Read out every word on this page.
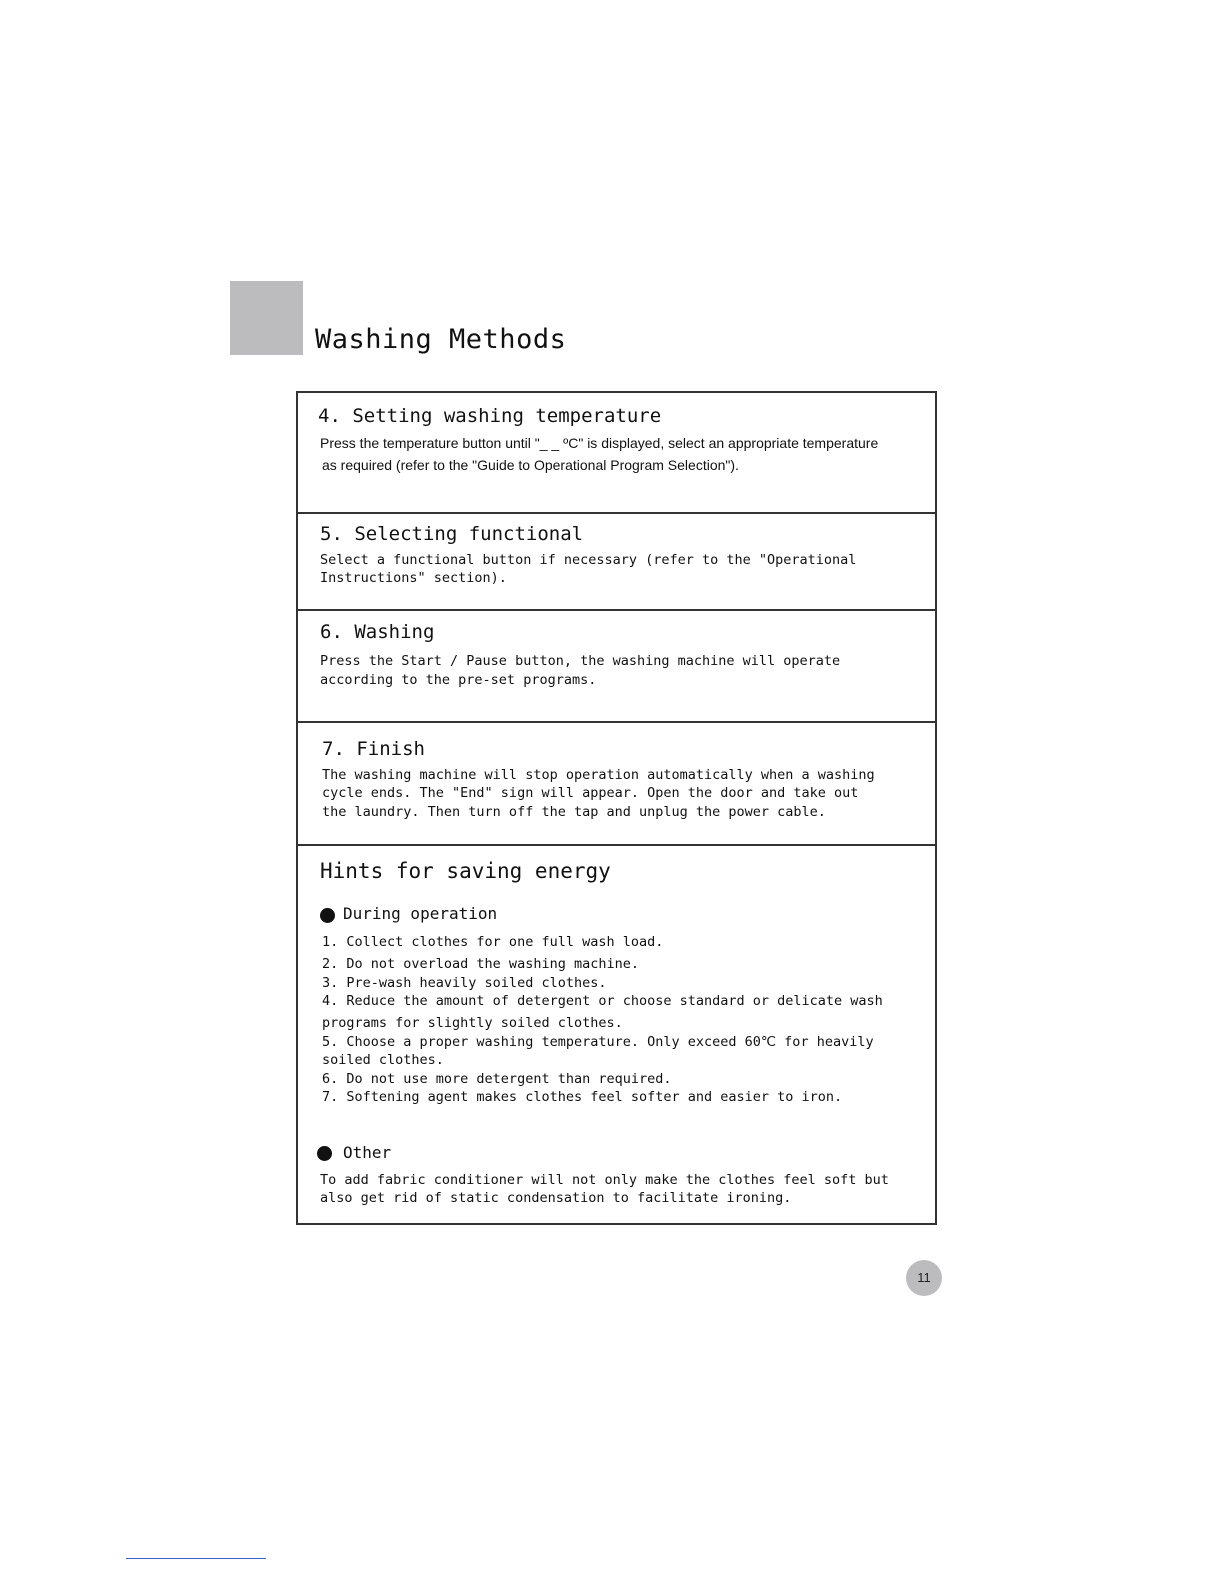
Washing Methods
4. Setting washing temperature

Press the temperature button until "_ _ ºC" is displayed, select an appropriate temperature

as required (refer to the "Guide to Operational Program Selection").

5. Selecting functional

Select a functional button if necessary (refer to the "Operational

Instructions" section).

6. Washing

Press the Start / Pause button, the washing machine will operate

according to the pre-set programs.

7. Finish

The washing machine will stop operation automatically when a washing

cycle ends. The "End" sign will appear. Open the door and take out

the laundry. Then turn off the tap and unplug the power cable.

Hints for saving energy

During operation

1. Collect clothes for one full wash load.

2. Do not overload the washing machine.

3. Pre-wash heavily soiled clothes.

4. Reduce the amount of detergent or choose standard or delicate wash

programs for slightly soiled clothes.

5. Choose a proper washing temperature. Only exceed 60℃ for heavily

soiled clothes.

6. Do not use more detergent than required.

7. Softening agent makes clothes feel softer and easier to iron.

Other

To add fabric conditioner will not only make the clothes feel soft but

also get rid of static condensation to facilitate ironing.

11
